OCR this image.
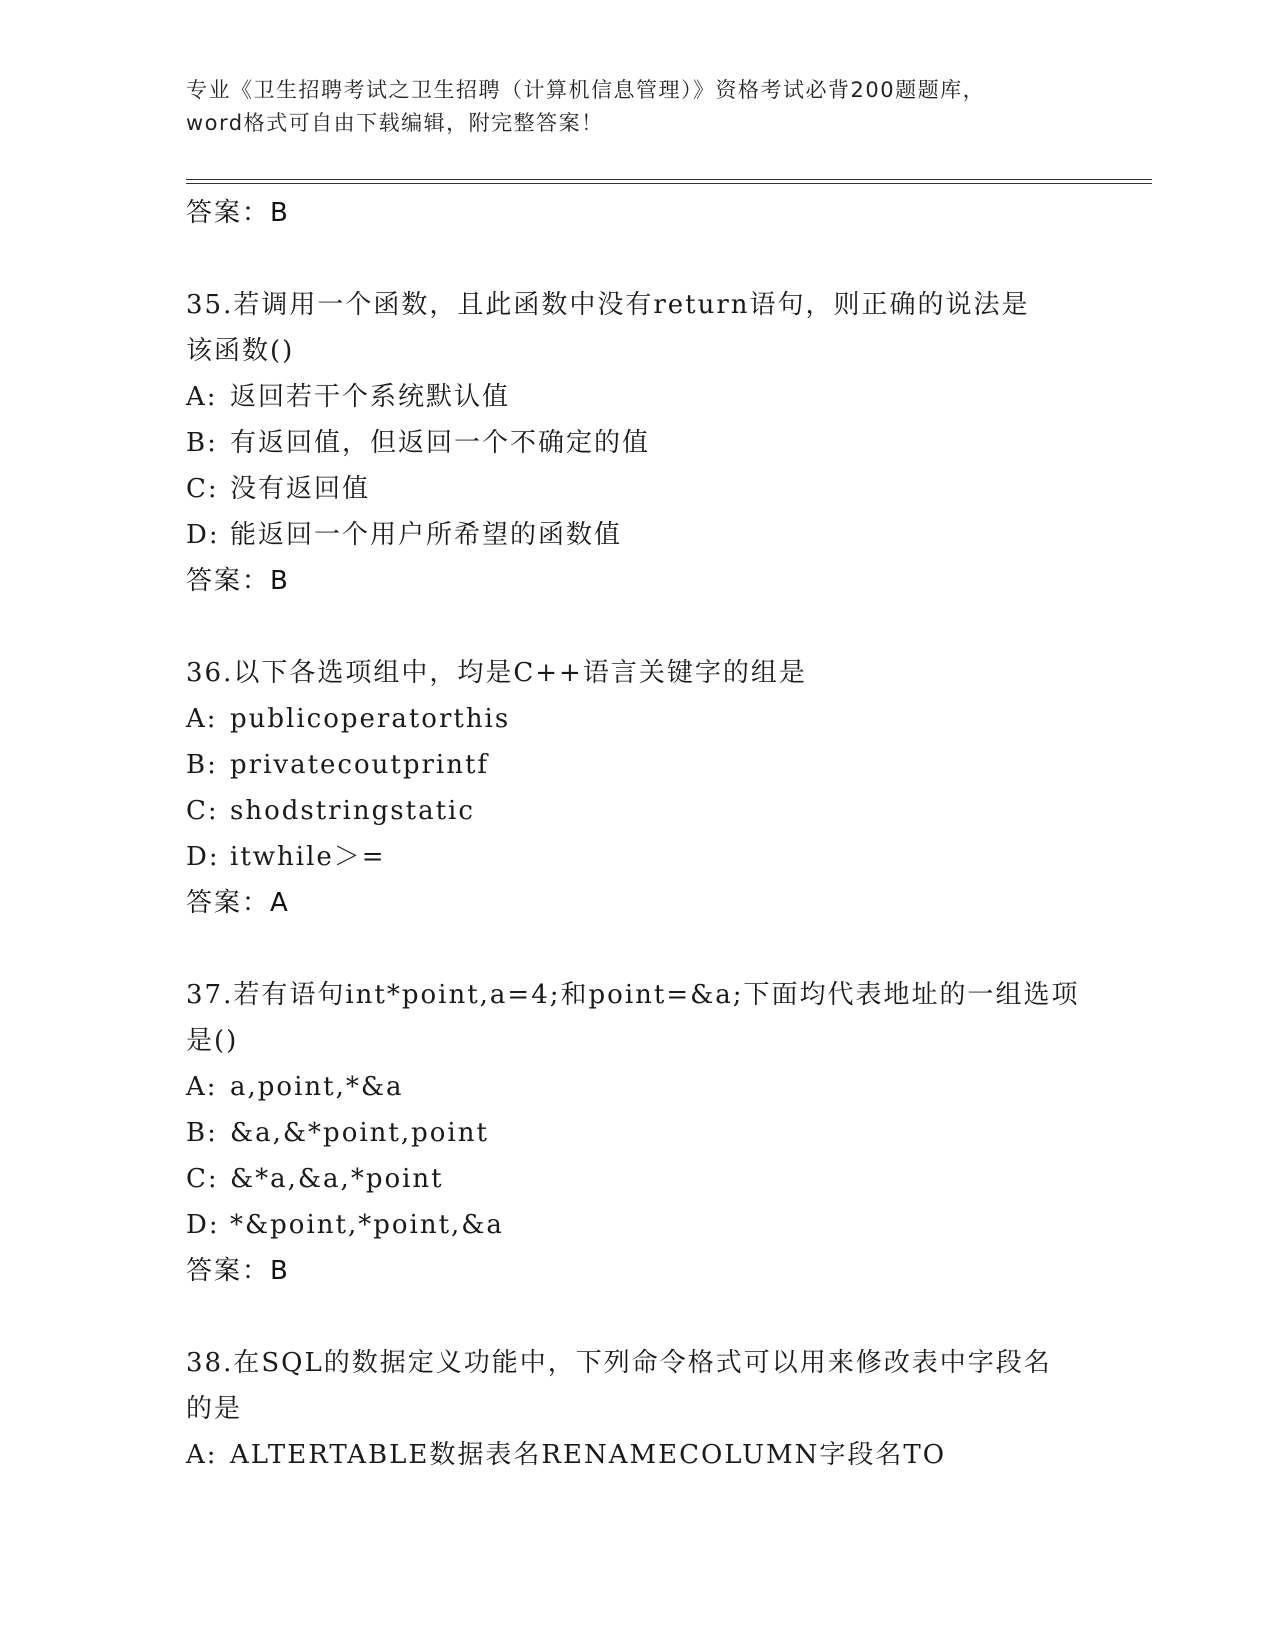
专业《卫生招聘考试之卫生招聘（计算机信息管理）》资格考试必背200题题库，
word格式可自由下载编辑，附完整答案！
答案：B
35.若调用一个函数，且此函数中没有return语句，则正确的说法是
该函数()
A: 返回若干个系统默认值
B: 有返回值，但返回一个不确定的值
C: 没有返回值
D: 能返回一个用户所希望的函数值
答案：B
36.以下各选项组中，均是C++语言关键字的组是
A: publicoperatorthis
B: privatecoutprintf
C: shodstringstatic
D: itwhile＞=
答案：A
37.若有语句int*point,a=4;和point=&a;下面均代表地址的一组选项
是()
A: a,point,*&a
B: &a,&*point,point
C: &*a,&a,*point
D: *&point,*point,&a
答案：B
38.在SQL的数据定义功能中，下列命令格式可以用来修改表中字段名
的是
A: ALTERTABLE数据表名RENAMECOLUMN字段名TO
